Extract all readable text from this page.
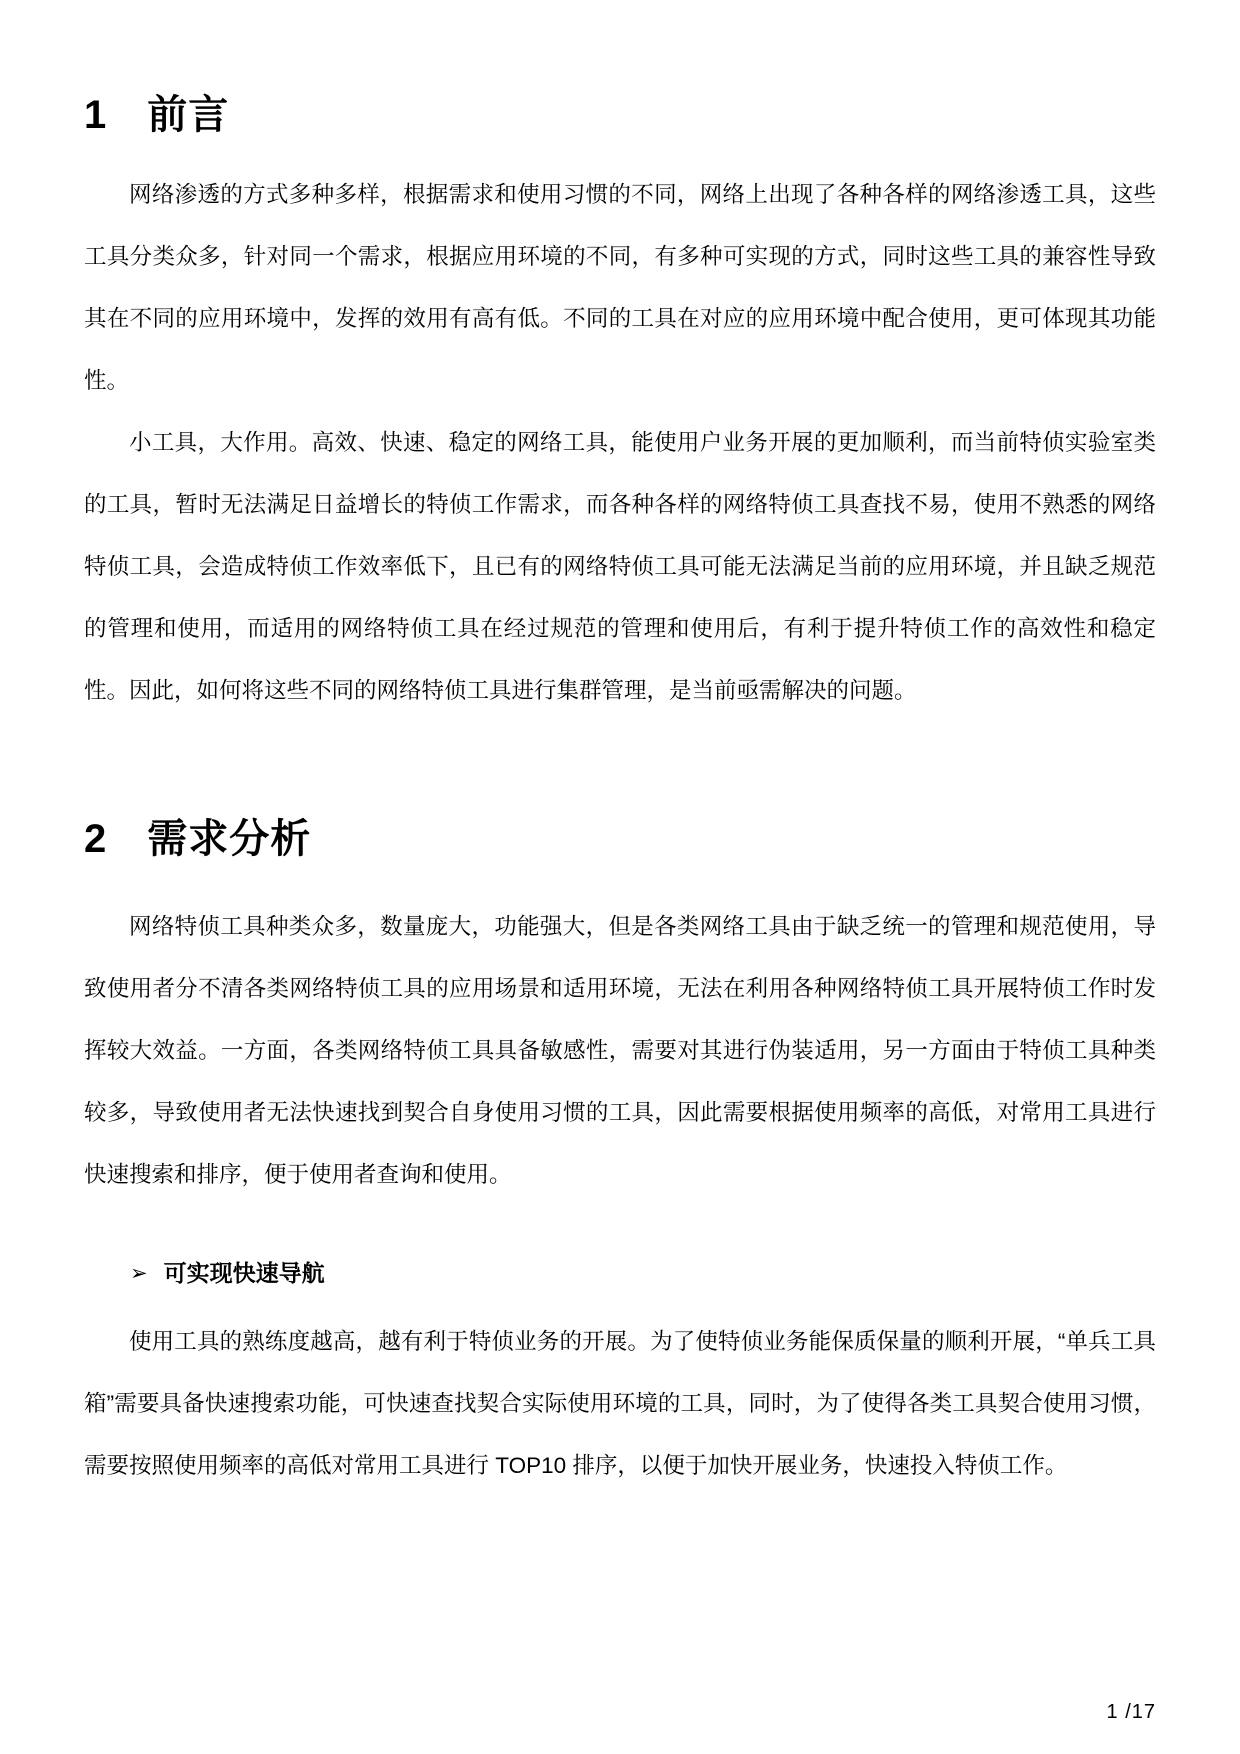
1 前言

网络渗透的方式多种多样，根据需求和使用习惯的不同，网络上出现了各种各样的网络渗透工具，这些工具分类众多，针对同一个需求，根据应用环境的不同，有多种可实现的方式，同时这些工具的兼容性导致其在不同的应用环境中，发挥的效用有高有低。不同的工具在对应的应用环境中配合使用，更可体现其功能性。

小工具，大作用。高效、快速、稳定的网络工具，能使用户业务开展的更加顺利，而当前特侦实验室类的工具，暂时无法满足日益增长的特侦工作需求，而各种各样的网络特侦工具查找不易，使用不熟悉的网络特侦工具，会造成特侦工作效率低下，且已有的网络特侦工具可能无法满足当前的应用环境，并且缺乏规范的管理和使用，而适用的网络特侦工具在经过规范的管理和使用后，有利于提升特侦工作的高效性和稳定性。因此，如何将这些不同的网络特侦工具进行集群管理，是当前亟需解决的问题。

2 需求分析

网络特侦工具种类众多，数量庞大，功能强大，但是各类网络工具由于缺乏统一的管理和规范使用，导致使用者分不清各类网络特侦工具的应用场景和适用环境，无法在利用各种网络特侦工具开展特侦工作时发挥较大效益。一方面，各类网络特侦工具具备敏感性，需要对其进行伪装适用，另一方面由于特侦工具种类较多，导致使用者无法快速找到契合自身使用习惯的工具，因此需要根据使用频率的高低，对常用工具进行快速搜索和排序，便于使用者查询和使用。

➢ 可实现快速导航

使用工具的熟练度越高，越有利于特侦业务的开展。为了使特侦业务能保质保量的顺利开展，“单兵工具箱”需要具备快速搜索功能，可快速查找契合实际使用环境的工具，同时，为了使得各类工具契合使用习惯，需要按照使用频率的高低对常用工具进行 TOP10 排序，以便于加快开展业务，快速投入特侦工作。

1 /17
